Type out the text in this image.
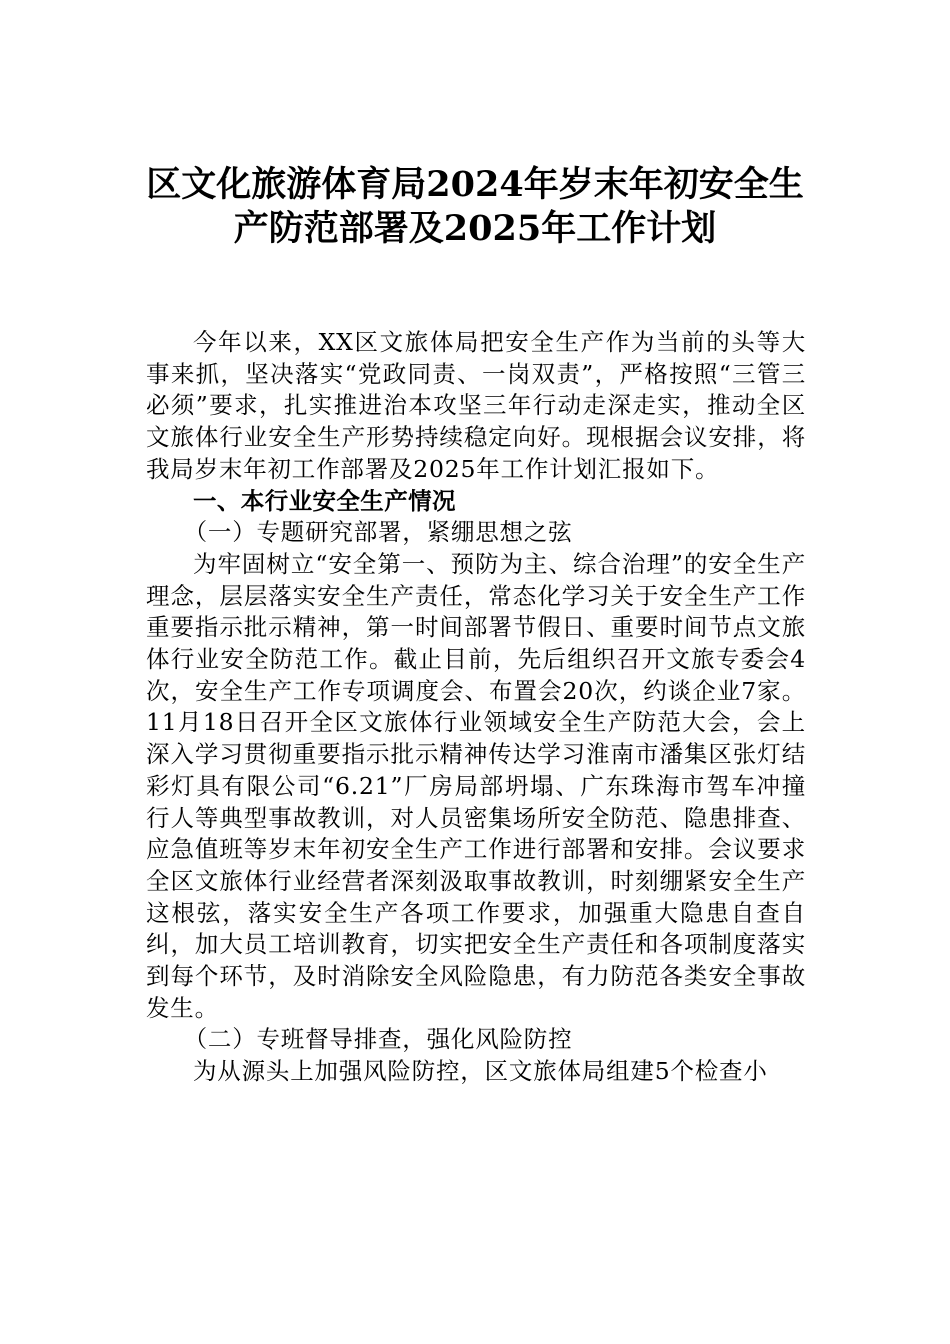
区文化旅游体育局2024年岁末年初安全生
产防范部署及2025年工作计划

今年以来，XX区文旅体局把安全生产作为当前的头等大事来抓，坚决落实“党政同责、一岗双责”，严格按照“三管三必须”要求，扎实推进治本攻坚三年行动走深走实，推动全区文旅体行业安全生产形势持续稳定向好。现根据会议安排，将我局岁末年初工作部署及2025年工作计划汇报如下。

一、本行业安全生产情况

（一）专题研究部署，紧绷思想之弦

为牢固树立“安全第一、预防为主、综合治理”的安全生产理念，层层落实安全生产责任，常态化学习关于安全生产工作重要指示批示精神，第一时间部署节假日、重要时间节点文旅体行业安全防范工作。截止目前，先后组织召开文旅专委会4次，安全生产工作专项调度会、布置会20次，约谈企业7家。11月18日召开全区文旅体行业领域安全生产防范大会，会上深入学习贯彻重要指示批示精神传达学习淮南市潘集区张灯结彩灯具有限公司“6.21”厂房局部坍塌、广东珠海市驾车冲撞行人等典型事故教训，对人员密集场所安全防范、隐患排查、应急值班等岁末年初安全生产工作进行部署和安排。会议要求全区文旅体行业经营者深刻汲取事故教训，时刻绷紧安全生产这根弦，落实安全生产各项工作要求，加强重大隐患自查自纠，加大员工培训教育，切实把安全生产责任和各项制度落实到每个环节，及时消除安全风险隐患，有力防范各类安全事故发生。

（二）专班督导排查，强化风险防控

为从源头上加强风险防控，区文旅体局组建5个检查小
